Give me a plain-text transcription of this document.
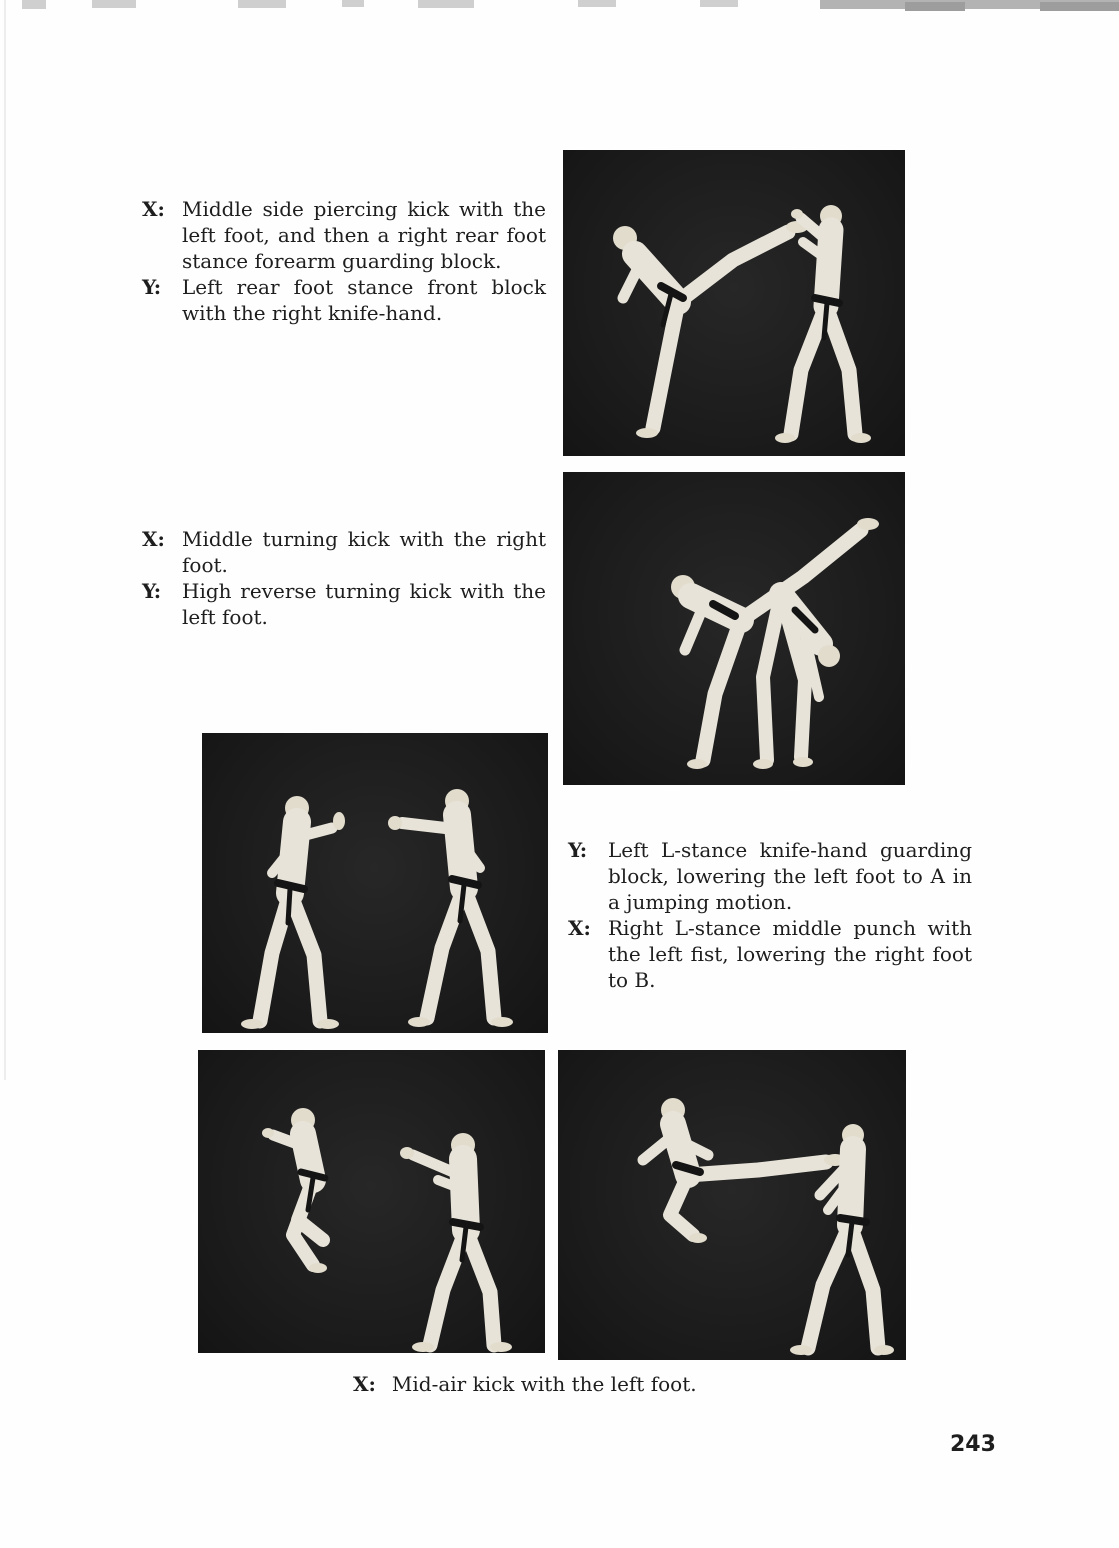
X: Middle side piercing kick with the left foot, and then a right rear foot stance forearm guarding block.
Y:	Left rear foot stance front block with the right knife-hand.
X: Middle turning kick with the right foot.
Y:	High reverse turning kick with the left foot.
Y:	Left L-stance knife-hand guarding block, lowering the left foot to A in a jumping motion.
X: Right L-stance middle punch with the left fist, lowering the right foot to B.
X: Mid-air kick with the left foot.
243
